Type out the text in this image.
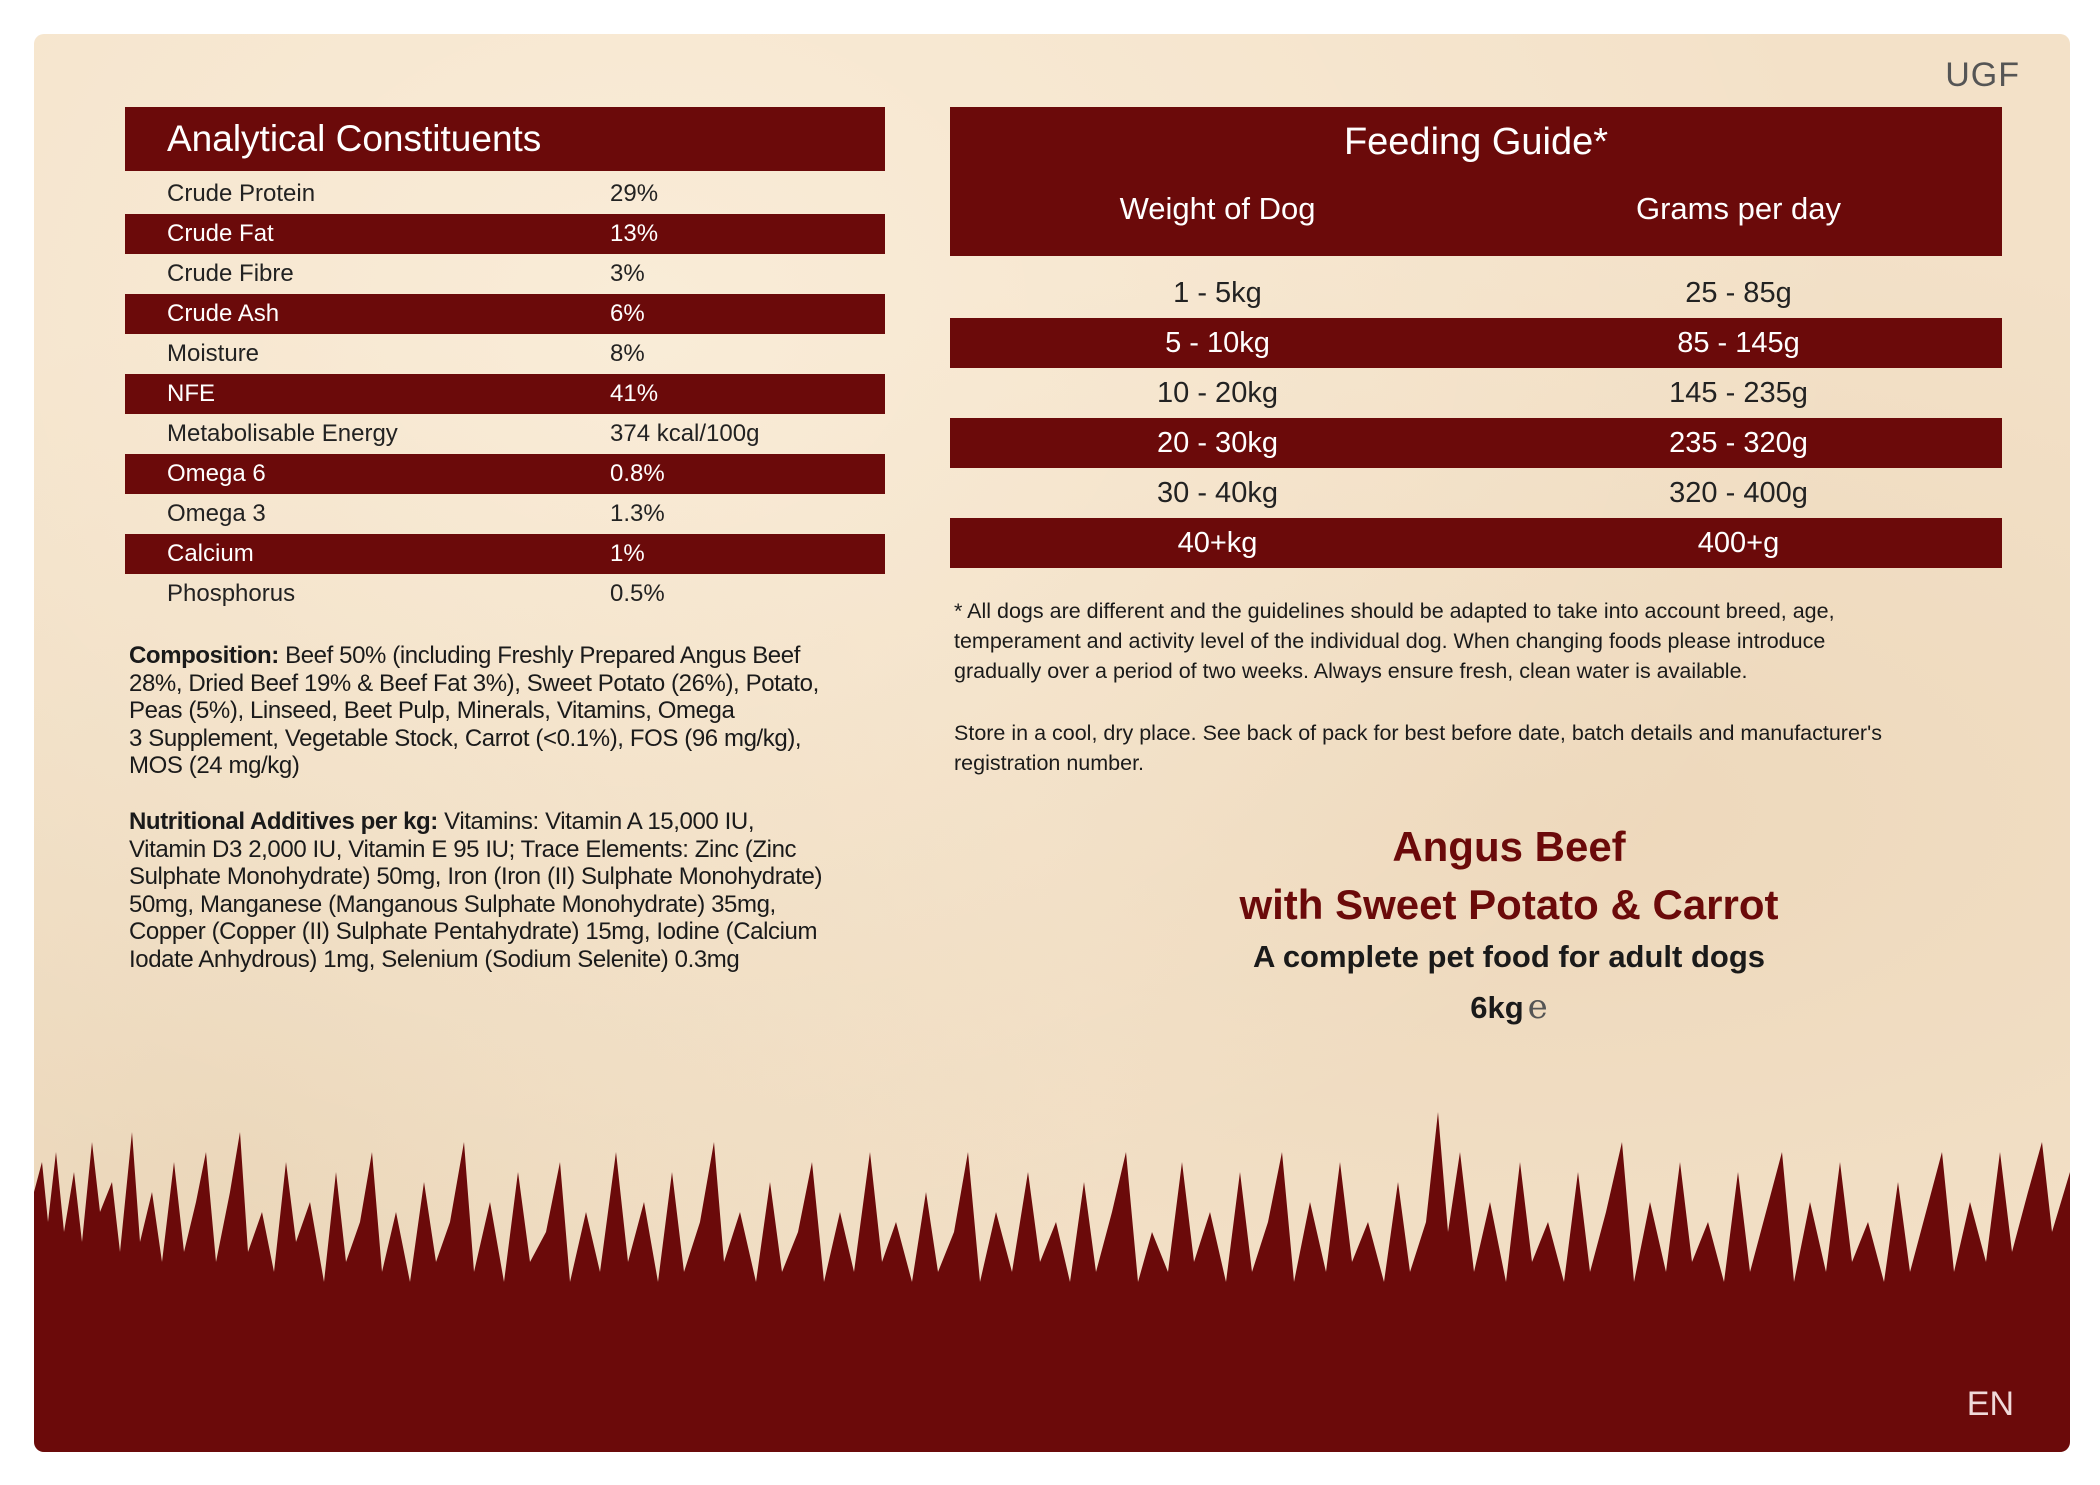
UGF
Analytical Constituents
Crude Protein	29%
Crude Fat	13%
Crude Fibre	3%
Crude Ash	6%
Moisture	8%
NFE	41%
Metabolisable Energy	374 kcal/100g
Omega 6	0.8%
Omega 3	1.3%
Calcium	1%
Phosphorus	0.5%
Composition: Beef 50% (including Freshly Prepared Angus Beef
28%, Dried Beef 19% & Beef Fat 3%), Sweet Potato (26%), Potato,
Peas (5%), Linseed, Beet Pulp, Minerals, Vitamins, Omega
3 Supplement, Vegetable Stock, Carrot (<0.1%), FOS (96 mg/kg),
MOS (24 mg/kg)
Nutritional Additives per kg: Vitamins: Vitamin A 15,000 IU,
Vitamin D3 2,000 IU, Vitamin E 95 IU; Trace Elements: Zinc (Zinc
Sulphate Monohydrate) 50mg, Iron (Iron (II) Sulphate Monohydrate)
50mg, Manganese (Manganous Sulphate Monohydrate) 35mg,
Copper (Copper (II) Sulphate Pentahydrate) 15mg, Iodine (Calcium
Iodate Anhydrous) 1mg, Selenium (Sodium Selenite) 0.3mg
Feeding Guide*
Weight of Dog	Grams per day
1 - 5kg	25 - 85g
5 - 10kg	85 - 145g
10 - 20kg	145 - 235g
20 - 30kg	235 - 320g
30 - 40kg	320 - 400g
40+kg	400+g
* All dogs are different and the guidelines should be adapted to take into account breed, age,
temperament and activity level of the individual dog. When changing foods please introduce
gradually over a period of two weeks. Always ensure fresh, clean water is available.
Store in a cool, dry place. See back of pack for best before date, batch details and manufacturer's
registration number.
Angus Beef
with Sweet Potato & Carrot
A complete pet food for adult dogs
6kg e
EN
